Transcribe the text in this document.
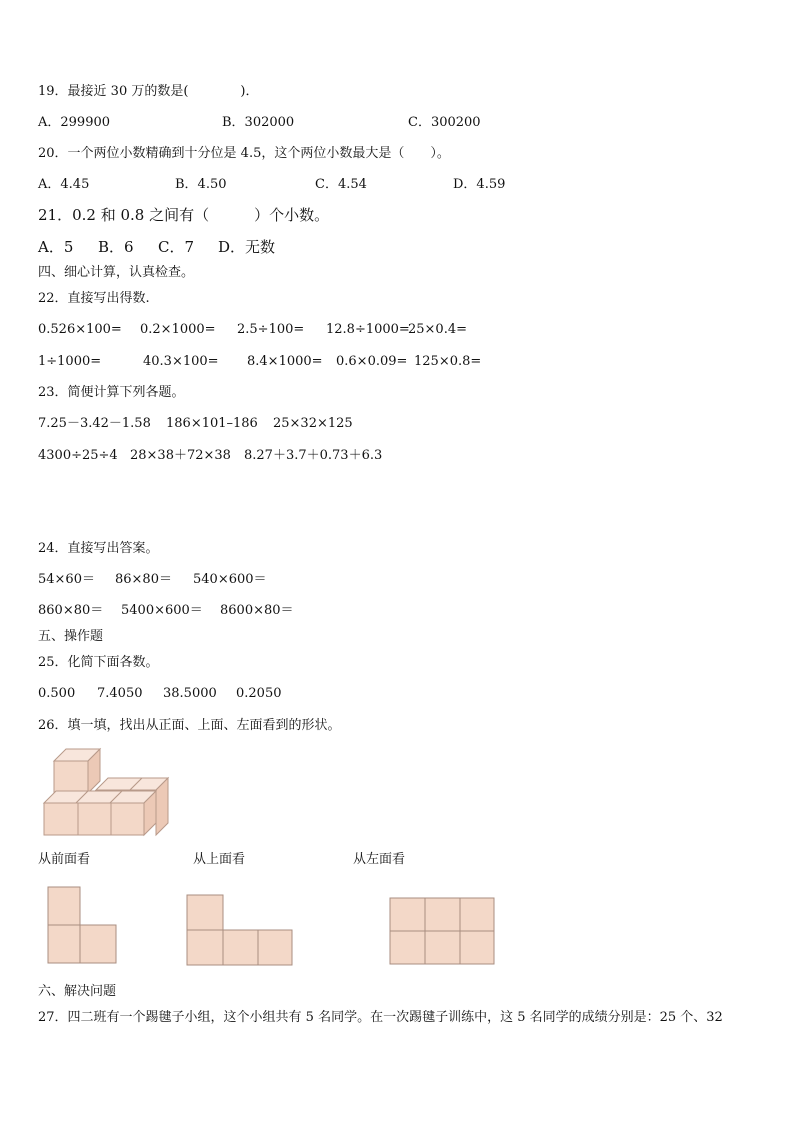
19．最接近 30 万的数是(　　　　)．
A．299900	B．302000	C．300200
20．一个两位小数精确到十分位是 4.5，这个两位小数最大是（　　）。
A．4.45	B．4.50	C．4.54	D．4.59
21．0.2 和 0.8 之间有（　　　）个小数。
A．5 B．6 C．7 D．无数
四、细心计算，认真检查。
22．直接写出得数.
0.526×100= 0.2×1000= 2.5÷100= 12.8÷1000=
25×0.4=
1÷1000=	40.3×100= 8.4×1000= 0.6×0.09= 125×0.8=
23．简便计算下列各题。
7.25－3.42－1.58 186×101–186 25×32×125
4300÷25÷4 28×38＋72×38 8.27＋3.7＋0.73＋6.3
24．直接写出答案。
54×60＝ 86×80＝ 540×600＝
860×80＝ 5400×600＝ 8600×80＝
五、操作题
25．化简下面各数。
0.500 7.4050 38.5000 0.2050
26．填一填，找出从正面、上面、左面看到的形状。
从前面看	从上面看	从左面看
六、解决问题
27．四二班有一个踢毽子小组，这个小组共有 5 名同学。在一次踢毽子训练中，这 5 名同学的成绩分别是：25 个、32
